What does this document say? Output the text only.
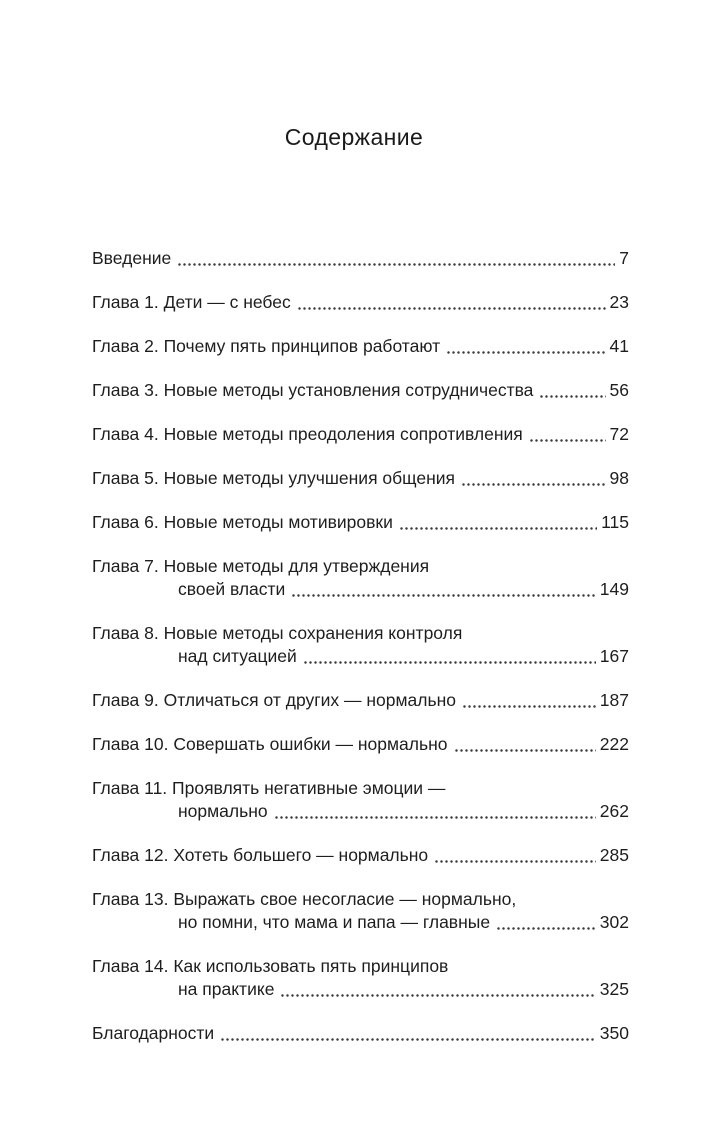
Содержание
Введение	7
Глава 1. Дети — с небес	23
Глава 2. Почему пять принципов работают	41
Глава 3. Новые методы установления сотрудничества	56
Глава 4. Новые методы преодоления сопротивления	72
Глава 5. Новые методы улучшения общения	98
Глава 6. Новые методы мотивировки	115
Глава 7. Новые методы для утверждения
своей власти	149
Глава 8. Новые методы сохранения контроля
над ситуацией	167
Глава 9. Отличаться от других — нормально	187
Глава 10. Совершать ошибки — нормально	222
Глава 11. Проявлять негативные эмоции —
нормально	262
Глава 12. Хотеть большего — нормально	285
Глава 13. Выражать свое несогласие — нормально,
но помни, что мама и папа — главные	302
Глава 14. Как использовать пять принципов
на практике	325
Благодарности	350
